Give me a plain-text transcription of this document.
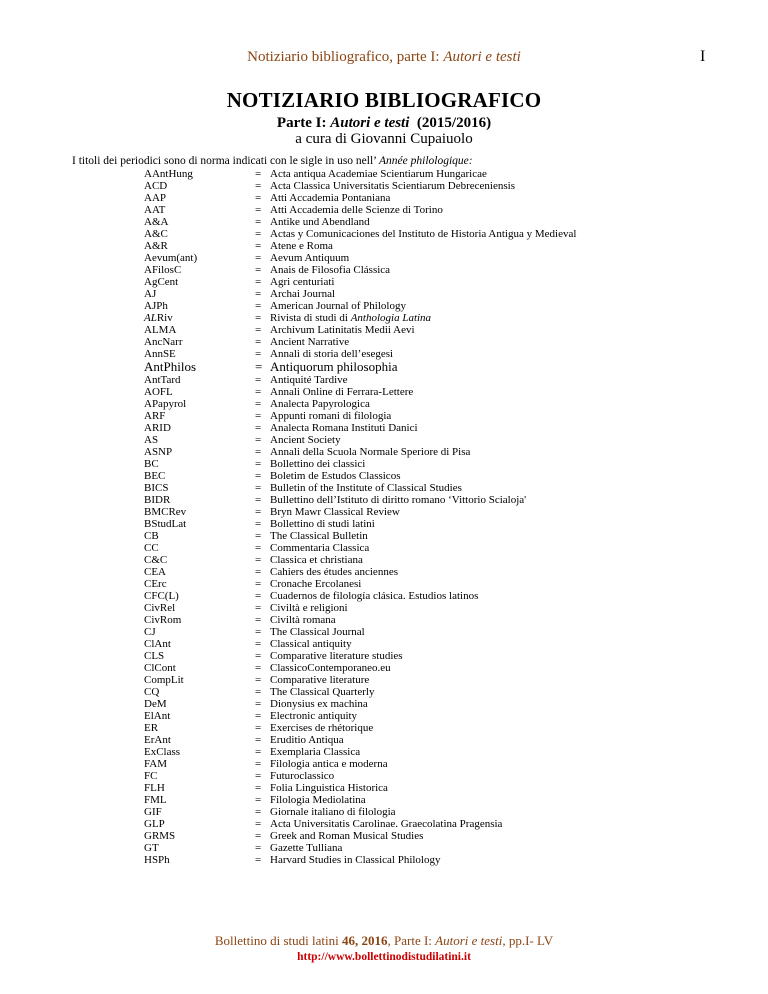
Notiziario bibliografico, parte I: Autori e testi	I
NOTIZIARIO BIBLIOGRAFICO
Parte I: Autori e testi  (2015/2016)
a cura di Giovanni Cupaiuolo
I titoli dei periodici sono di norma indicati con le sigle in uso nell’ Année philologique:
AAntHung	= Acta antiqua Academiae Scientiarum Hungaricae
ACD	= Acta Classica Universitatis Scientiarum Debreceniensis
AAP	= Atti Accademia Pontaniana
AAT	= Atti Accademia delle Scienze di Torino
A&A	= Antike und Abendland
A&C	= Actas y Comunicaciones del Instituto de Historia Antigua y Medieval
A&R	= Atene e Roma
Aevum(ant)	= Aevum Antiquum
AFilosC	= Anais de Filosofia Clássica
AgCent	= Agri centuriati
AJ	= Archai Journal
AJPh	= American Journal of Philology
ALRiv	= Rivista di studi di Anthologia Latina
ALMA	= Archivum Latinitatis Medii Aevi
AncNarr	= Ancient Narrative
AnnSE	= Annali di storia dell’esegesi
AntPhilos	= Antiquorum philosophia
AntTard	= Antiquité Tardive
AOFL	= Annali Online di Ferrara-Lettere
APapyrol	= Analecta Papyrologica
ARF	= Appunti romani di filologia
ARID	= Analecta Romana Instituti Danici
AS	= Ancient Society
ASNP	= Annali della Scuola Normale Speriore di Pisa
BC	= Bollettino dei classici
BEC	= Boletim de Estudos Classicos
BICS	= Bulletin of the Institute of Classical Studies
BIDR	= Bullettino dell’Istituto di diritto romano ‘Vittorio Scialoja'
BMCRev	= Bryn Mawr Classical Review
BStudLat	= Bollettino di studi latini
CB	= The Classical Bulletin
CC	= Commentaria Classica
C&C	= Classica et christiana
CEA	= Cahiers des études anciennes
CErc	= Cronache Ercolanesi
CFC(L)	= Cuadernos de filología clásica. Estudios latinos
CivRel	= Civiltà e religioni
CivRom	= Civiltà romana
CJ	= The Classical Journal
ClAnt	= Classical antiquity
CLS	= Comparative literature studies
ClCont	= ClassicoContemporaneo.eu
CompLit	= Comparative literature
CQ	= The Classical Quarterly
DeM	= Dionysius ex machina
ElAnt	= Electronic antiquity
ER	= Exercises de rhétorique
ErAnt	= Eruditio Antiqua
ExClass	= Exemplaria Classica
FAM	= Filologia antica e moderna
FC	= Futuroclassico
FLH	= Folia Linguistica Historica
FML	= Filologia Mediolatina
GIF	= Giornale italiano di filologia
GLP	= Acta Universitatis Carolinae. Graecolatina Pragensia
GRMS	= Greek and Roman Musical Studies
GT	= Gazette Tulliana
HSPh	= Harvard Studies in Classical Philology
Bollettino di studi latini 46, 2016, Parte I: Autori e testi, pp.I- LV
http://www.bollettinodistudilatini.it
